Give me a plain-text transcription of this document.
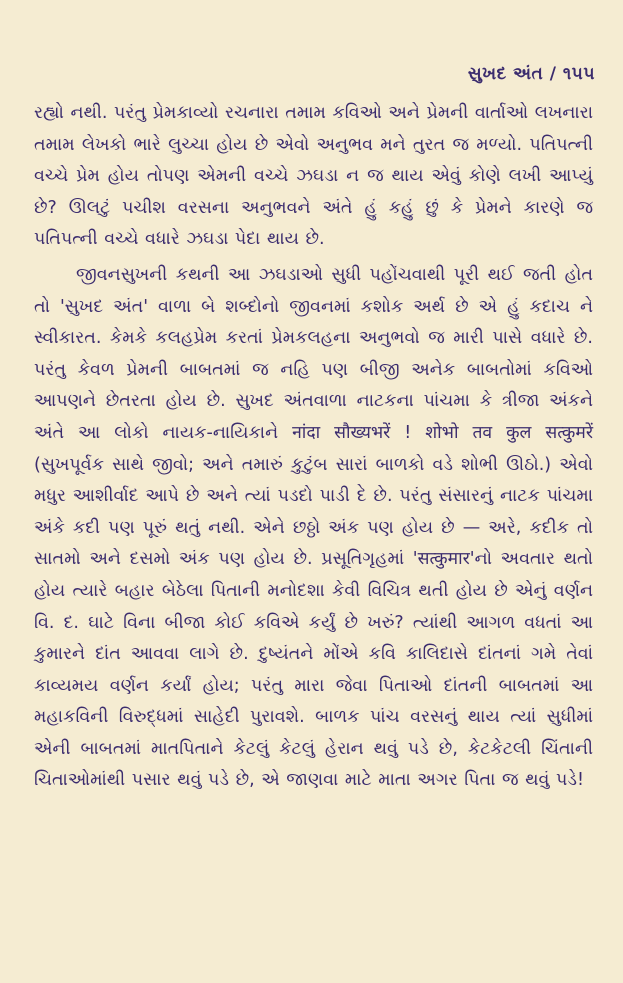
સુખદ અંત / ૧૫૫

રહ્યો નથી. પરંતુ પ્રેમકાવ્યો રચનારા તમામ કવિઓ અને પ્રેમની વાર્તાઓ લખનારા તમામ લેખકો ભારે લુચ્ચા હોય છે એવો અનુભવ મને તુરત જ મળ્યો. પતિપત્ની વચ્ચે પ્રેમ હોય તોપણ એમની વચ્ચે ઝઘડા ન જ થાય એવું કોણે લખી આપ્યું છે? ઊલટું પચીશ વરસના અનુભવને અંતે હું કહું છું કે પ્રેમને કારણે જ પતિપત્ની વચ્ચે વધારે ઝઘડા પેદા થાય છે.

જીવનસુખની કથની આ ઝઘડાઓ સુધી પહોંચવાથી પૂરી થઈ જતી હોત તો 'સુખદ અંત' વાળા બે શબ્દોનો જીવનમાં કશોક અર્થ છે એ હું કદાચ ને સ્વીકારત. કેમકે કલહપ્રેમ કરતાં પ્રેમકલહના અનુભવો જ મારી પાસે વધારે છે. પરંતુ કેવળ પ્રેમની બાબતમાં જ નહિ પણ બીજી અનેક બાબતોમાં કવિઓ આપણને છેતરતા હોય છે. સુખદ અંતવાળા નાટકના પાંચમા કે ત્રીજા અંકને અંતે આ લોકો નાયક-નાયિકાને नांदा सौख्यभरें ! शोभो तव कुल सत्कुमरें (સુખપૂર્વક સાથે જીવો; અને તમારું કુટુંબ સારાં બાળકો વડે શોભી ઊઠો.) એવો મધુર આશીર્વાદ આપે છે અને ત્યાં પડદો પાડી દે છે. પરંતુ સંસારનું નાટક પાંચમા અંકે કદી પણ પૂરું થતું નથી. એને છઠ્ઠો અંક પણ હોય છે — અરે, કદીક તો સાતમો અને દસમો અંક પણ હોય છે. પ્રસૂતિગૃહમાં 'सत्कुमार'નો અવતાર થતો હોય ત્યારે બહાર બેઠેલા પિતાની મનોદશા કેવી વિચિત્ર થતી હોય છે એનું વર્ણન વિ. દ. ઘાટે વિના બીજા કોઈ કવિએ કર્યું છે ખરું? ત્યાંથી આગળ વધતાં આ કુમારને દાંત આવવા લાગે છે. દુષ્યંતને મોંએ કવિ કાલિદાસે દાંતનાં ગમે તેવાં કાવ્યમય વર્ણન કર્યાં હોય; પરંતુ મારા જેવા પિતાઓ દાંતની બાબતમાં આ મહાકવિની વિરુદ્ધમાં સાહેદી પુરાવશે. બાળક પાંચ વરસનું થાય ત્યાં સુધીમાં એની બાબતમાં માતપિતાને કેટલું કેટલું હેરાન થવું પડે છે, કેટકેટલી ચિંતાની ચિતાઓમાંથી પસાર થવું પડે છે, એ જાણવા માટે માતા અગર પિતા જ થવું પડે!
